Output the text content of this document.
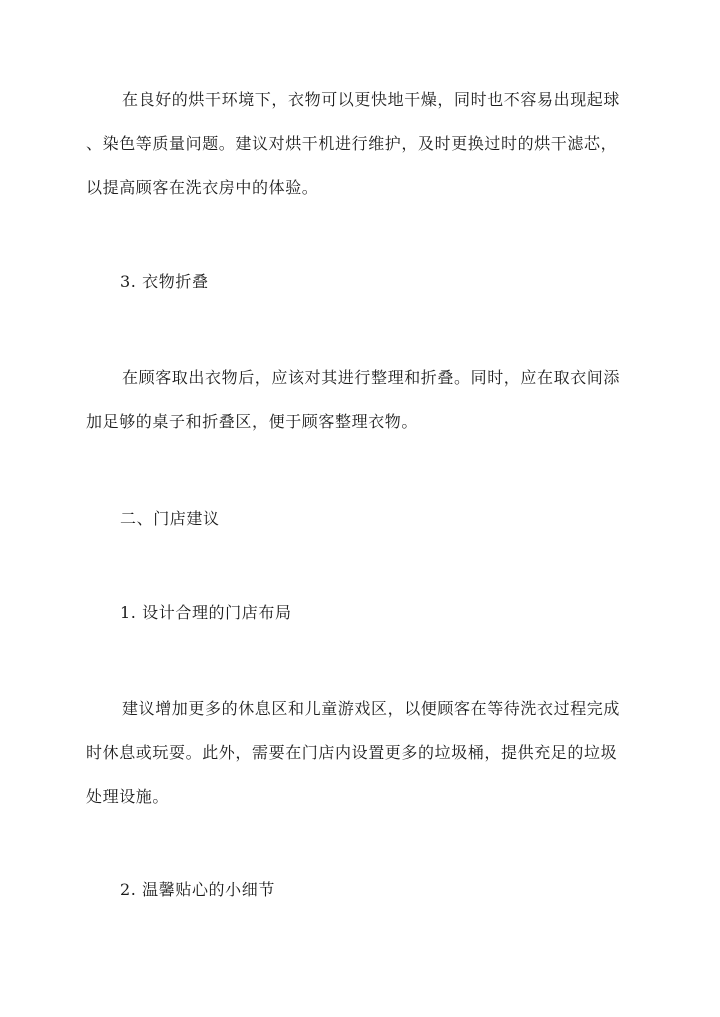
在良好的烘干环境下，衣物可以更快地干燥，同时也不容易出现起球
、染色等质量问题。建议对烘干机进行维护，及时更换过时的烘干滤芯，
以提高顾客在洗衣房中的体验。

3. 衣物折叠

在顾客取出衣物后，应该对其进行整理和折叠。同时，应在取衣间添
加足够的桌子和折叠区，便于顾客整理衣物。

二、门店建议

1. 设计合理的门店布局

建议增加更多的休息区和儿童游戏区，以便顾客在等待洗衣过程完成
时休息或玩耍。此外，需要在门店内设置更多的垃圾桶，提供充足的垃圾
处理设施。

2. 温馨贴心的小细节
